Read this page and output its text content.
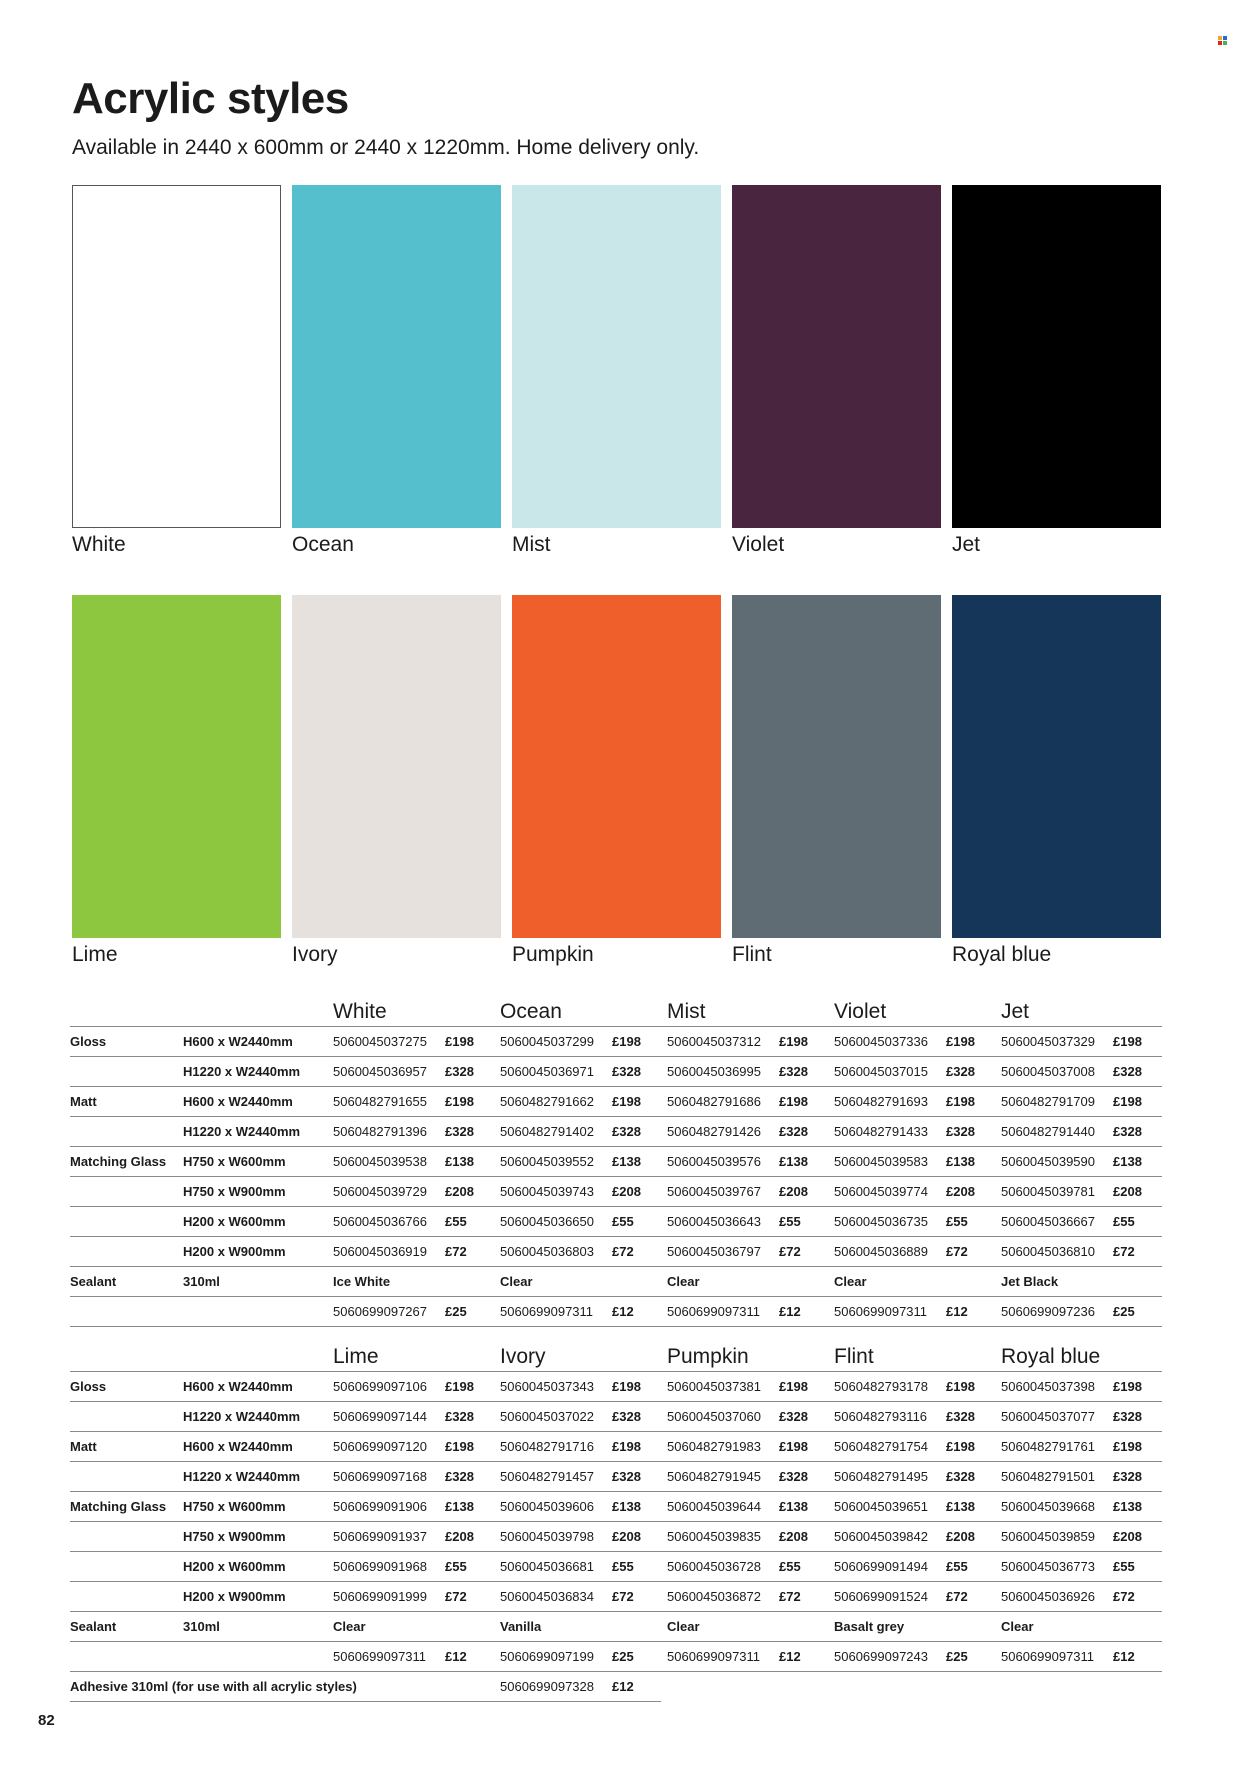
Acrylic styles

Available in 2440 x 600mm or 2440 x 1220mm. Home delivery only.

White	Ocean	Mist	Violet	Jet
Lime	Ivory	Pumpkin	Flint	Royal blue
		White		Ocean		Mist		Violet		Jet	
Gloss	H600 x W2440mm	5060045037275	£198	5060045037299	£198	5060045037312	£198	5060045037336	£198	5060045037329	£198
	H1220 x W2440mm	5060045036957	£328	5060045036971	£328	5060045036995	£328	5060045037015	£328	5060045037008	£328
Matt	H600 x W2440mm	5060482791655	£198	5060482791662	£198	5060482791686	£198	5060482791693	£198	5060482791709	£198
	H1220 x W2440mm	5060482791396	£328	5060482791402	£328	5060482791426	£328	5060482791433	£328	5060482791440	£328
Matching Glass	H750 x W600mm	5060045039538	£138	5060045039552	£138	5060045039576	£138	5060045039583	£138	5060045039590	£138
	H750 x W900mm	5060045039729	£208	5060045039743	£208	5060045039767	£208	5060045039774	£208	5060045039781	£208
	H200 x W600mm	5060045036766	£55	5060045036650	£55	5060045036643	£55	5060045036735	£55	5060045036667	£55
	H200 x W900mm	5060045036919	£72	5060045036803	£72	5060045036797	£72	5060045036889	£72	5060045036810	£72
Sealant	310ml	Ice White		Clear		Clear		Clear		Jet Black	
		5060699097267	£25	5060699097311	£12	5060699097311	£12	5060699097311	£12	5060699097236	£25
		Lime		Ivory		Pumpkin		Flint		Royal blue	
Gloss	H600 x W2440mm	5060699097106	£198	5060045037343	£198	5060045037381	£198	5060482793178	£198	5060045037398	£198
	H1220 x W2440mm	5060699097144	£328	5060045037022	£328	5060045037060	£328	5060482793116	£328	5060045037077	£328
Matt	H600 x W2440mm	5060699097120	£198	5060482791716	£198	5060482791983	£198	5060482791754	£198	5060482791761	£198
	H1220 x W2440mm	5060699097168	£328	5060482791457	£328	5060482791945	£328	5060482791495	£328	5060482791501	£328
Matching Glass	H750 x W600mm	5060699091906	£138	5060045039606	£138	5060045039644	£138	5060045039651	£138	5060045039668	£138
	H750 x W900mm	5060699091937	£208	5060045039798	£208	5060045039835	£208	5060045039842	£208	5060045039859	£208
	H200 x W600mm	5060699091968	£55	5060045036681	£55	5060045036728	£55	5060699091494	£55	5060045036773	£55
	H200 x W900mm	5060699091999	£72	5060045036834	£72	5060045036872	£72	5060699091524	£72	5060045036926	£72
Sealant	310ml	Clear		Vanilla		Clear		Basalt grey		Clear	
		5060699097311	£12	5060699097199	£25	5060699097311	£12	5060699097243	£25	5060699097311	£12
Adhesive 310ml (for use with all acrylic styles)				5060699097328	£12						
82
